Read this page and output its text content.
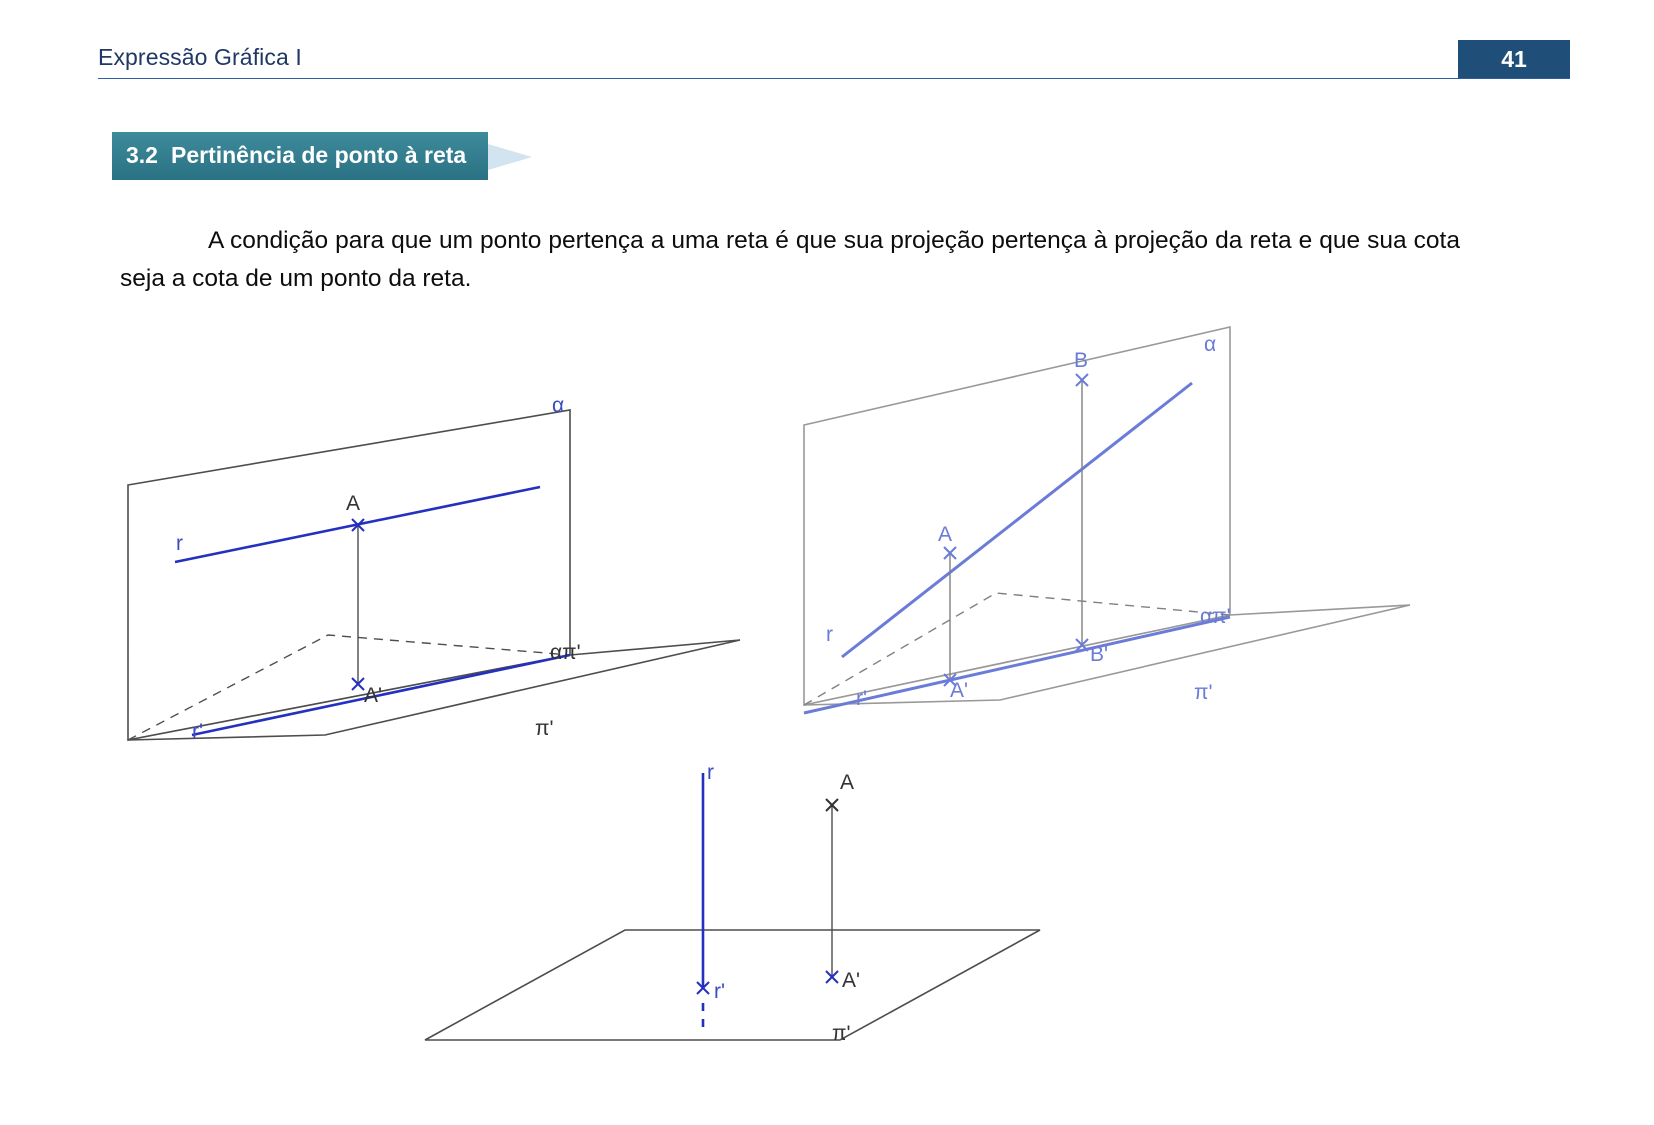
Expressão Gráfica I	41
3.2 Pertinência de ponto à reta
A condição para que um ponto pertença a uma reta é que sua projeção pertença à projeção da reta e que sua cota seja a cota de um ponto da reta.
α
r
A
A'
r'
απ'
π'
α
B
A
r
A'
B'
r'
απ'
π'
r	A
r'	A'
π'
